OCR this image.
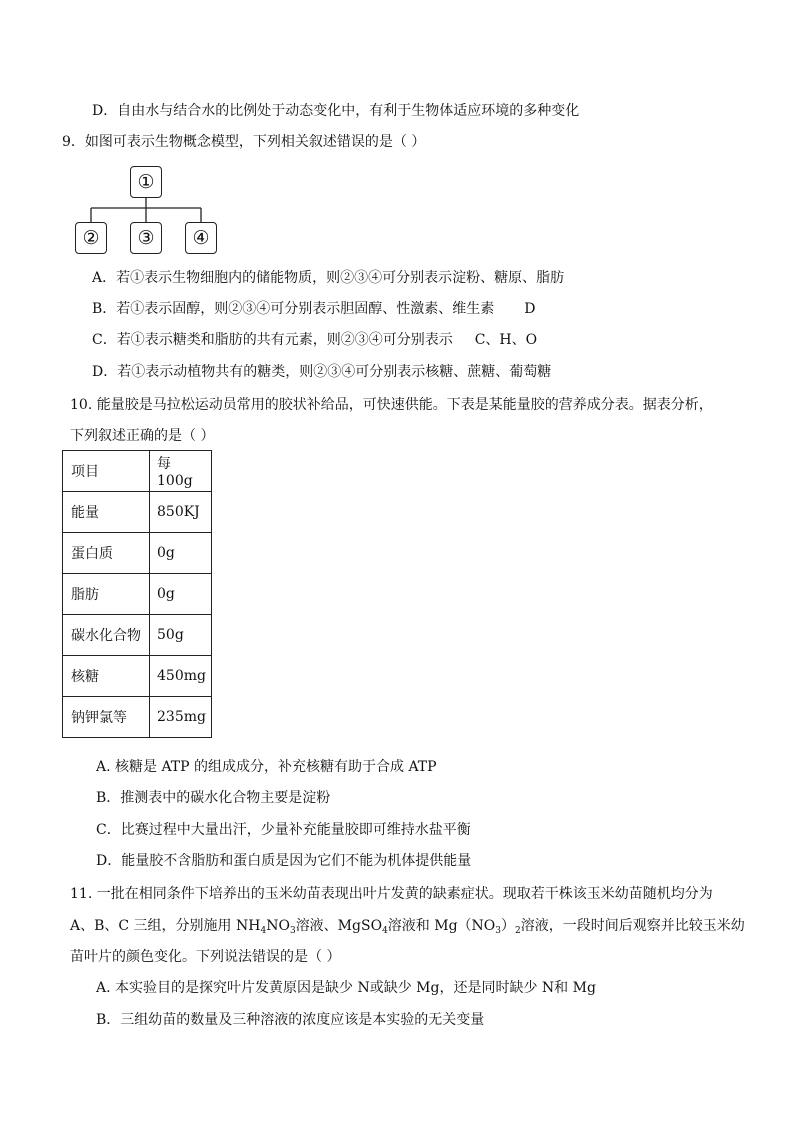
D．自由水与结合水的比例处于动态变化中，有利于生物体适应环境的多种变化
9．如图可表示生物概念模型，下列相关叙述错误的是（ ）
①
②	③	④
A．若①表示生物细胞内的储能物质，则②③④可分别表示淀粉、糖原、脂肪
B．若①表示固醇，则②③④可分别表示胆固醇、性激素、维生素 D
C．若①表示糖类和脂肪的共有元素，则②③④可分别表示 C、H、O
D．若①表示动植物共有的糖类，则②③④可分别表示核糖、蔗糖、葡萄糖
10. 能量胶是马拉松运动员常用的胶状补给品，可快速供能。下表是某能量胶的营养成分表。据表分析，
下列叙述正确的是（ ）
项目	每 100g
能量	850KJ
蛋白质	0g
脂肪	0g
碳水化合物	50g
核糖	450mg
钠钾氯等	235mg
A. 核糖是 ATP 的组成成分，补充核糖有助于合成 ATP
B．推测表中的碳水化合物主要是淀粉
C．比赛过程中大量出汗，少量补充能量胶即可维持水盐平衡
D．能量胶不含脂肪和蛋白质是因为它们不能为机体提供能量
11. 一批在相同条件下培养出的玉米幼苗表现出叶片发黄的缺素症状。现取若干株该玉米幼苗随机均分为
A、B、C 三组，分别施用 $NH_4NO_3$溶液、MgSO$_4$溶液和 $Mg(NO_3)_2$溶液，一段时间后观察并比较玉米幼
苗叶片的颜色变化。下列说法错误的是（ ）
A. 本实验目的是探究叶片发黄原因是缺少 N或缺少 Mg，还是同时缺少 N和 Mg
B．三组幼苗的数量及三种溶液的浓度应该是本实验的无关变量
